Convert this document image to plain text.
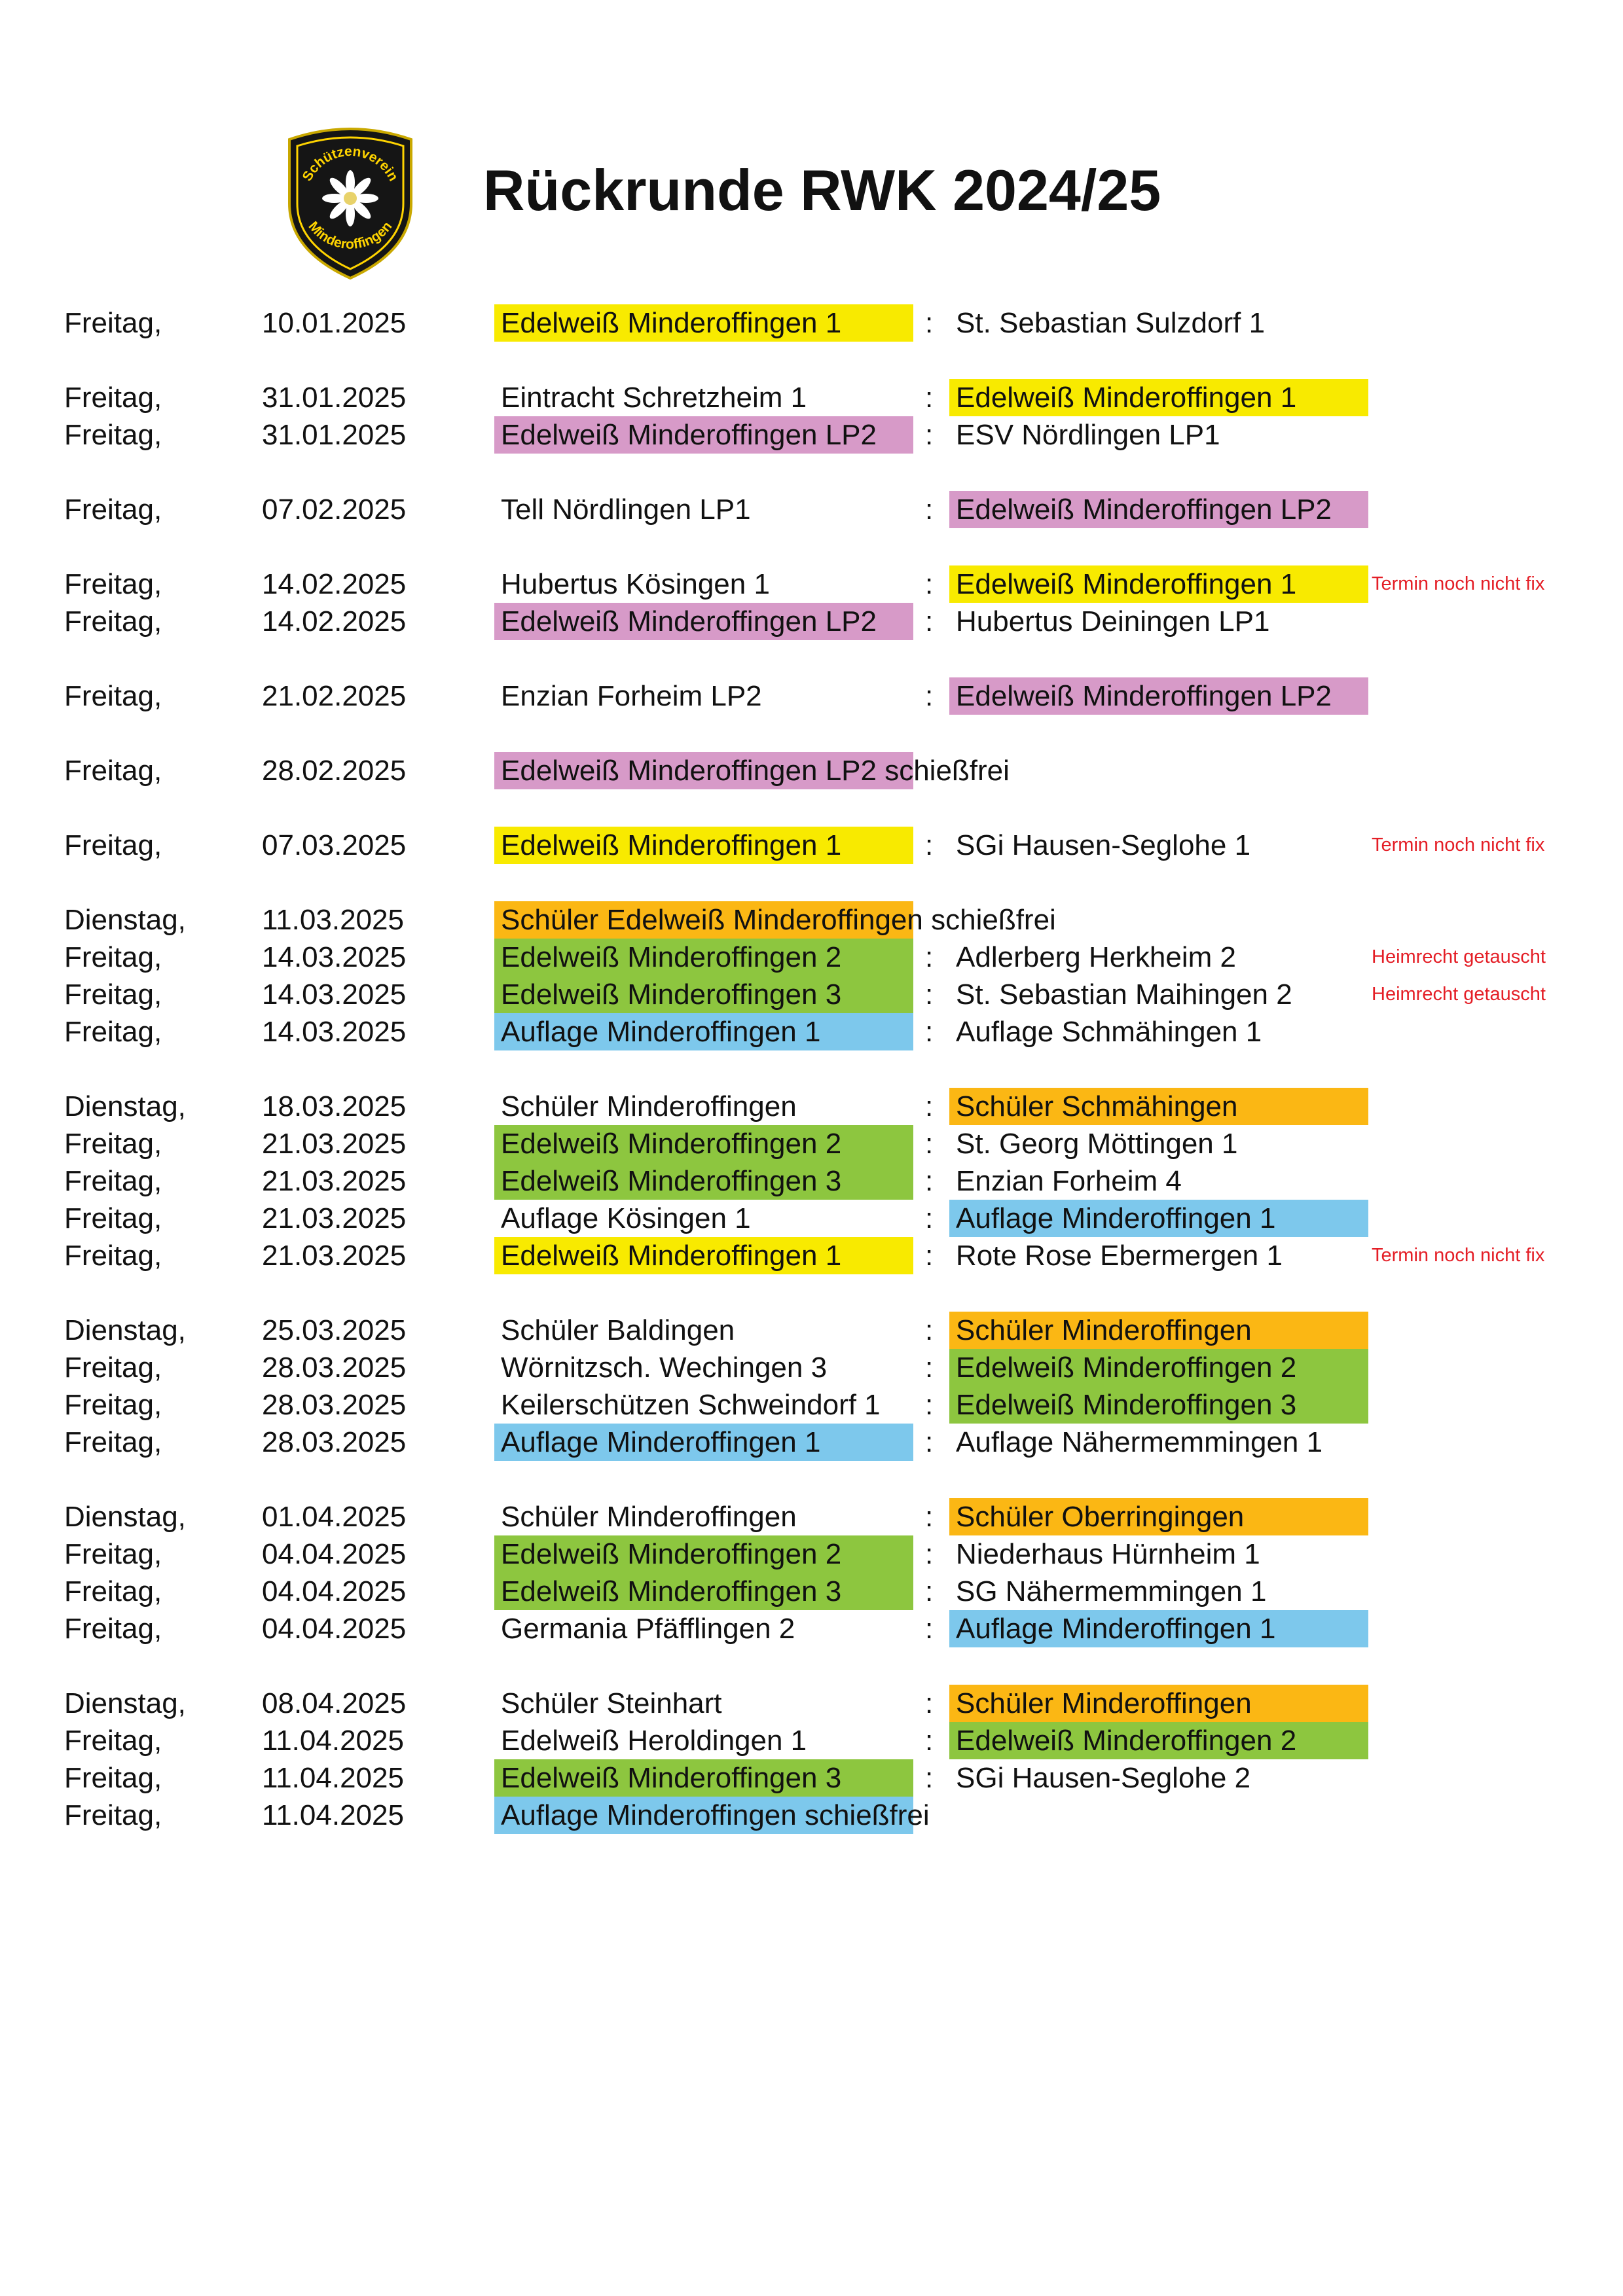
Schützenverein
Minderoffingen
Rückrunde RWK 2024/25
Freitag,	10.01.2025	Edelweiß Minderoffingen 1	: St. Sebastian Sulzdorf 1
Freitag,	31.01.2025	Eintracht Schretzheim 1	: Edelweiß Minderoffingen 1
Freitag,	31.01.2025	Edelweiß Minderoffingen LP2	: ESV Nördlingen LP1
Freitag,	07.02.2025	Tell Nördlingen LP1	: Edelweiß Minderoffingen LP2
Freitag,	14.02.2025	Hubertus Kösingen 1	: Edelweiß Minderoffingen 1	Termin noch nicht fix
Freitag,	14.02.2025	Edelweiß Minderoffingen LP2	: Hubertus Deiningen LP1
Freitag,	21.02.2025	Enzian Forheim LP2	: Edelweiß Minderoffingen LP2
Freitag,	28.02.2025	Edelweiß Minderoffingen LP2 schießfrei
Freitag,	07.03.2025	Edelweiß Minderoffingen 1	: SGi Hausen-Seglohe 1	Termin noch nicht fix
Dienstag,	11.03.2025	Schüler Edelweiß Minderoffingen schießfrei
Freitag,	14.03.2025	Edelweiß Minderoffingen 2	: Adlerberg Herkheim 2	Heimrecht getauscht
Freitag,	14.03.2025	Edelweiß Minderoffingen 3	: St. Sebastian Maihingen 2	Heimrecht getauscht
Freitag,	14.03.2025	Auflage Minderoffingen 1	: Auflage Schmähingen 1
Dienstag,	18.03.2025	Schüler Minderoffingen	: Schüler Schmähingen
Freitag,	21.03.2025	Edelweiß Minderoffingen 2	: St. Georg Möttingen 1
Freitag,	21.03.2025	Edelweiß Minderoffingen 3	: Enzian Forheim 4
Freitag,	21.03.2025	Auflage Kösingen 1	: Auflage Minderoffingen 1
Freitag,	21.03.2025	Edelweiß Minderoffingen 1	: Rote Rose Ebermergen 1	Termin noch nicht fix
Dienstag,	25.03.2025	Schüler Baldingen	: Schüler Minderoffingen
Freitag,	28.03.2025	Wörnitzsch. Wechingen 3	: Edelweiß Minderoffingen 2
Freitag,	28.03.2025	Keilerschützen Schweindorf 1 : Edelweiß Minderoffingen 3
Freitag,	28.03.2025	Auflage Minderoffingen 1	: Auflage Nähermemmingen 1
Dienstag,	01.04.2025	Schüler Minderoffingen	: Schüler Oberringingen
Freitag,	04.04.2025	Edelweiß Minderoffingen 2	: Niederhaus Hürnheim 1
Freitag,	04.04.2025	Edelweiß Minderoffingen 3	: SG Nähermemmingen 1
Freitag,	04.04.2025	Germania Pfäfflingen 2	: Auflage Minderoffingen 1
Dienstag,	08.04.2025	Schüler Steinhart	: Schüler Minderoffingen
Freitag,	11.04.2025	Edelweiß Heroldingen 1	: Edelweiß Minderoffingen 2
Freitag,	11.04.2025	Edelweiß Minderoffingen 3	: SGi Hausen-Seglohe 2
Freitag,	11.04.2025	Auflage Minderoffingen schießfrei
